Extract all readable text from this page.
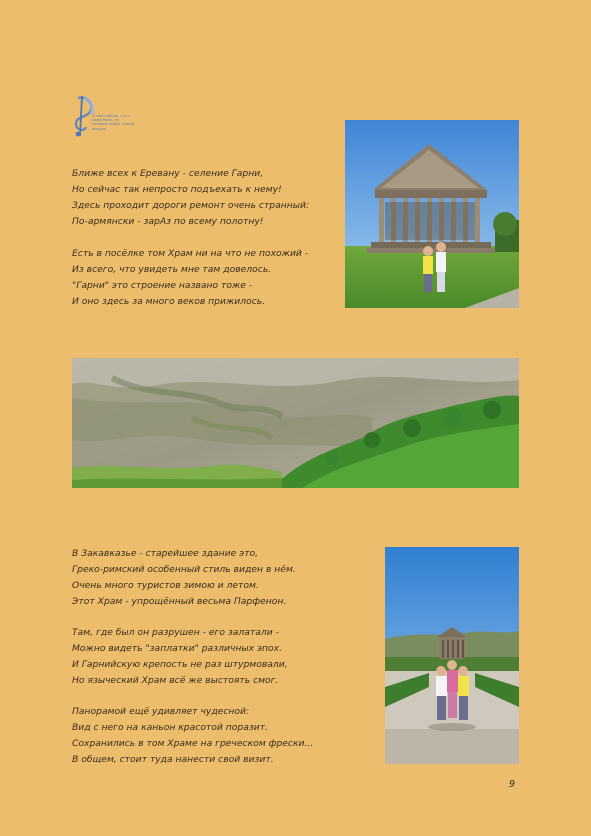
О чём-нибудь, что с нами было, по путешествиям, сквозь эмоции
Ближе всех к Еревану - селение Гарни,
Но сейчас так непросто подъехать к нему!
Здесь проходит дороги ремонт очень странный:
По-армянски - зарАз по всему полотну!
Есть в посёлке том Храм ни на что не похожий -
Из всего, что увидеть мне там довелось.
"Гарни" это строение названо тоже -
И оно здесь за много веков прижилось.
В Закавказье - старейшее здание это,
Греко-римский особенный стиль виден в нём.
Очень много туристов зимою и летом.
Этот Храм - упрощённый весьма Парфенон.
Там, где был он разрушен - его залатали -
Можно видеть "заплатки" различных эпох.
И Гарнийскую крепость не раз штурмовали,
Но языческий Храм всё же выстоять смог.
Панорамой ещё удивляет чудесной:
Вид с него на каньон красотой поразит.
Сохранились в том Храме на греческом фрески...
В общем, стоит туда нанести свой визит.
9
